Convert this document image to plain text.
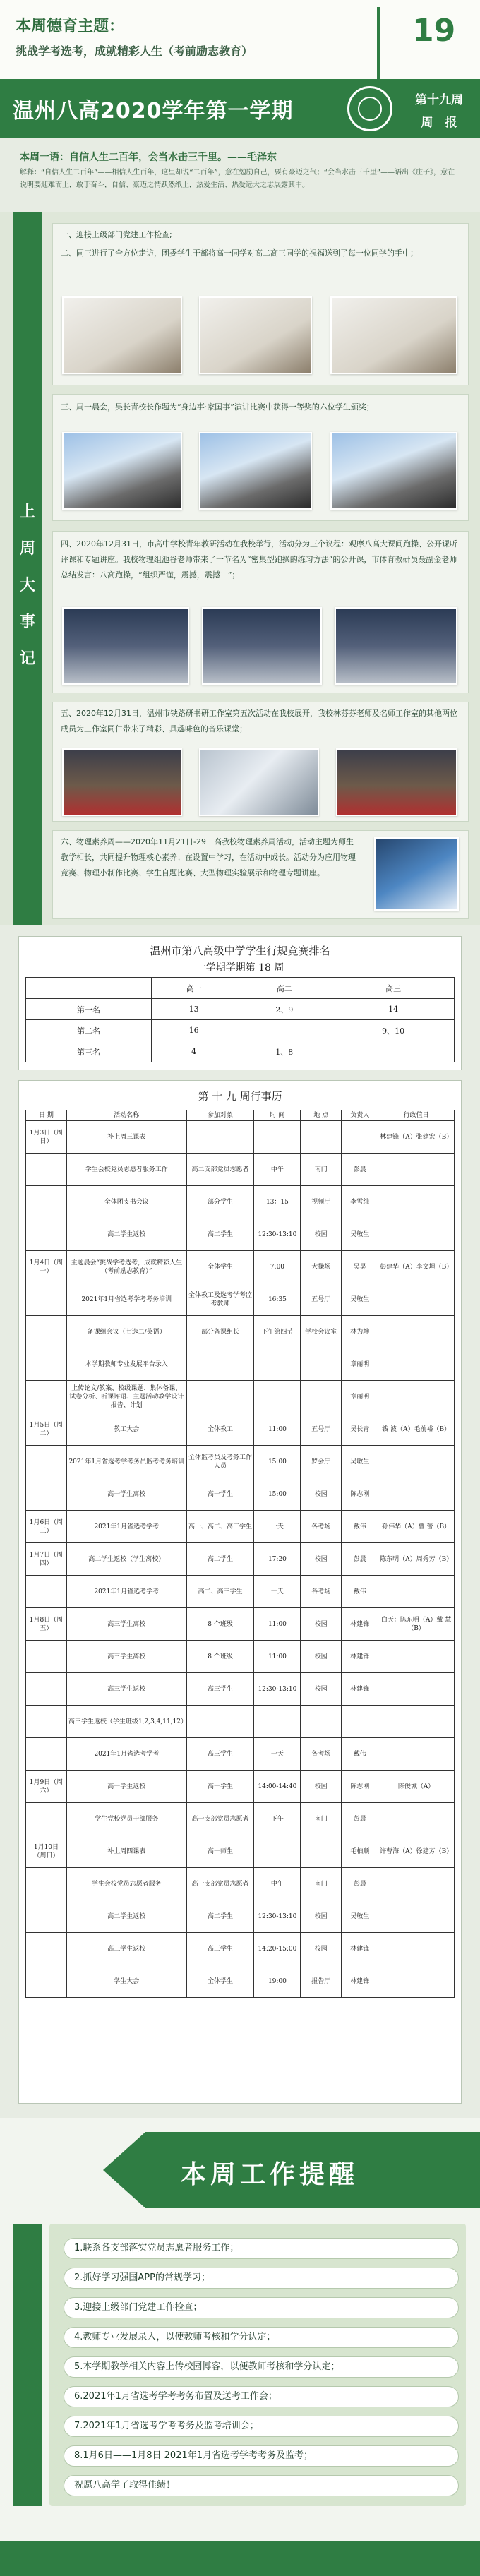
本周德育主题：
挑战学考选考，成就精彩人生（考前励志教育）
19
温州八高2020学年第一学期	第十九周
周　报
本周一语：自信人生二百年，会当水击三千里。——毛泽东
解释：“自信人生二百年”——相信人生百年，这里却说“二百年”，意在勉励自己，要有豪迈之气；“会当水击三千里”——语出《庄子》，意在说明要迎难而上，敢于奋斗，自信、豪迈之情跃然纸上，热爱生活、热爱远大之志展露其中。
上
周
大
事
记
一、迎接上级部门党建工作检查;
二、同三进行了全方位走访，团委学生干部将高一同学对高二高三同学的祝福送到了每一位同学的手中；
三、周一晨会，吴长青校长作题为“身边事·家国事”演讲比赛中获得一等奖的六位学生颁奖；
四、2020年12月31日，市高中学校青年教研活动在我校举行，活动分为三个议程：观摩八高大课间跑操、公开课听评课和专题讲座。我校物理组池谷老师带来了一节名为“密集型跑操的练习方法”的公开课，市体育教研员聂副金老师总结发言：八高跑操，“组织严谨，震撼，震撼！”；
五、2020年12月31日，温州市铁路研书研工作室第五次活动在我校展开，我校林芬芬老师及名师工作室的其他两位成员为工作室同仁带来了精彩、具趣味色的音乐课堂；
六、物理素养周——2020年11月21日-29日高我校物理素养周活动，活动主题为师生教学相长，共同提升物理核心素养；在设置中学习，在活动中成长。活动分为应用物理竞赛、物理小制作比赛、学生自题比赛、大型物理实验展示和物理专题讲座。
温州市第八高级中学学生行规竞赛排名
一学期学期第 18 周
	高一	高二	高三
第一名	13	2、9	14
第二名	16		9、10
第三名	4	1、8	
第 十 九 周行事历
日 期	活动名称	参加对象	时 间	地 点	负责人	行政值日
1月3日（周日）	补上周三课表					林建锋（A）张建宏（B）
	学生会校党员志愿者服务工作	高二支部党员志愿者	中午	南门	彭晨	
	全体团支书会议	部分学生	13：15	视频厅	李雪纯	
	高二学生返校	高二学生	12:30-13:10	校园	吴敏生	
1月4日（周一）	主题晨会“挑战学考选考，成就精彩人生（考前励志教育）”	全体学生	7:00	大操场	吴昊	彭建华（A）李文坦（B）
	2021年1月省选考学考考务培训	全体教工及选考学考监考教师	16:35	五号厅	吴敏生	
	备课组会议（七选二/英语）	部分备课组长	下午第四节	学校会议室	林为坤	
	本学期教师专业发展平台录入				章丽明	
	上传论文/教案、校级课题、集体备课、试卷分析、听课评语、主题活动教学设计报告、计划				章丽明	
1月5日（周二）	教工大会	全体教工	11:00	五号厅	吴长青	钱 波（A）毛前裕（B）
	2021年1月省选考学考务员监考考务培训	全体监考员及考务工作人员	15:00	罗会厅	吴敏生	
	高一学生离校	高一学生	15:00	校园	陈志刚	
1月6日（周三）	2021年1月省选考学考	高一、高二、高三学生	一天	各考场	戴伟	孙伟华（A）曹 蕾（B）
1月7日（周四）	高二学生返校（学生离校）	高二学生	17:20	校园	彭晨	陈东明（A）周秀芳（B）
	2021年1月省选考学考	高二、高三学生	一天	各考场	戴伟	
1月8日（周五）	高三学生离校	8 个班级	11:00	校园	林建锋	白天：陈东明（A）戴 慧（B）
	高三学生离校	8 个班级	11:00	校园	林建锋	
	高三学生返校	高三学生	12:30-13:10	校园	林建锋	
	高三学生返校（学生班级1,2,3,4,11,12）					
	2021年1月省选考学考	高三学生	一天	各考场	戴伟	
1月9日（周六）	高一学生返校	高一学生	14:00-14:40	校园	陈志刚	陈俊城（A）
	学生党校党员干部服务	高一支部党员志愿者	下午	南门	彭晨	
1月10日（周日）	补上周四课表	高一师生			毛柏顺	许曹海（A）徐建芳（B）
	学生会校党员志愿者服务	高一支部党员志愿者	中午	南门	彭晨	
	高二学生返校	高二学生	12:30-13:10	校园	吴敏生	
	高三学生返校	高三学生	14:20-15:00	校园	林建锋	
	学生大会	全体学生	19:00	报告厅	林建锋	
本周工作提醒
1.联系各支部落实党员志愿者服务工作；
2.抓好学习强国APP的常规学习；
3.迎接上级部门党建工作检查；
4.教师专业发展录入，以便教师考核和学分认定；
5.本学期教学相关内容上传校园博客，以便教师考核和学分认定；
6.2021年1月省选考学考考务布置及送考工作会；
7.2021年1月省选考学考考务及监考培训会；
8.1月6日——1月8日 2021年1月省选考学考考务及监考；
祝愿八高学子取得佳绩！
